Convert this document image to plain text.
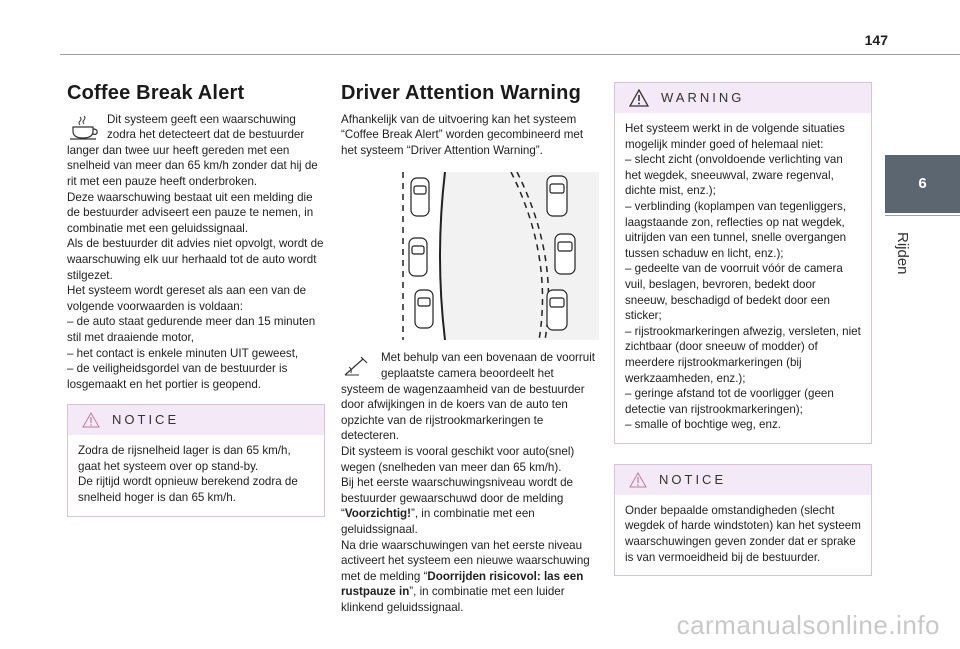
147
6
Rijden
Coffee Break Alert

Dit systeem geeft een waarschuwing zodra het detecteert dat de bestuurder langer dan twee uur heeft gereden met een snelheid van meer dan 65 km/h zonder dat hij de rit met een pauze heeft onderbroken.

Deze waarschuwing bestaat uit een melding die de bestuurder adviseert een pauze te nemen, in combinatie met een geluidssignaal.

Als de bestuurder dit advies niet opvolgt, wordt de waarschuwing elk uur herhaald tot de auto wordt stilgezet.

Het systeem wordt gereset als aan een van de volgende voorwaarden is voldaan:

– de auto staat gedurende meer dan 15 minuten stil met draaiende motor,

– het contact is enkele minuten UIT geweest,

– de veiligheidsgordel van de bestuurder is losgemaakt en het portier is geopend.

NOTICE

Zodra de rijsnelheid lager is dan 65 km/h, gaat het systeem over op stand-by.

De rijtijd wordt opnieuw berekend zodra de snelheid hoger is dan 65 km/h.

Driver Attention Warning

Afhankelijk van de uitvoering kan het systeem “Coffee Break Alert” worden gecombineerd met het systeem “Driver Attention Warning”.

Met behulp van een bovenaan de voorruit geplaatste camera beoordeelt het systeem de wagenzaamheid van de bestuurder door afwijkingen in de koers van de auto ten opzichte van de rijstrookmarkeringen te detecteren.

Dit systeem is vooral geschikt voor auto(snel) wegen (snelheden van meer dan 65 km/h).

Bij het eerste waarschuwingsniveau wordt de bestuurder gewaarschuwd door de melding “Voorzichtig!”, in combinatie met een geluidssignaal.

Na drie waarschuwingen van het eerste niveau activeert het systeem een nieuwe waarschuwing met de melding “Doorrijden risicovol: las een rustpauze in”, in combinatie met een luider klinkend geluidssignaal.

WARNING

Het systeem werkt in de volgende situaties mogelijk minder goed of helemaal niet:

– slecht zicht (onvoldoende verlichting van het wegdek, sneeuwval, zware regenval, dichte mist, enz.);

– verblinding (koplampen van tegenliggers, laagstaande zon, reflecties op nat wegdek, uitrijden van een tunnel, snelle overgangen tussen schaduw en licht, enz.);

– gedeelte van de voorruit vóór de camera vuil, beslagen, bevroren, bedekt door sneeuw, beschadigd of bedekt door een sticker;

– rijstrookmarkeringen afwezig, versleten, niet zichtbaar (door sneeuw of modder) of meerdere rijstrookmarkeringen (bij werkzaamheden, enz.);

– geringe afstand tot de voorligger (geen detectie van rijstrookmarkeringen);

– smalle of bochtige weg, enz.

NOTICE

Onder bepaalde omstandigheden (slecht wegdek of harde windstoten) kan het systeem waarschuwingen geven zonder dat er sprake is van vermoeidheid bij de bestuurder.

carmanualsonline.info
